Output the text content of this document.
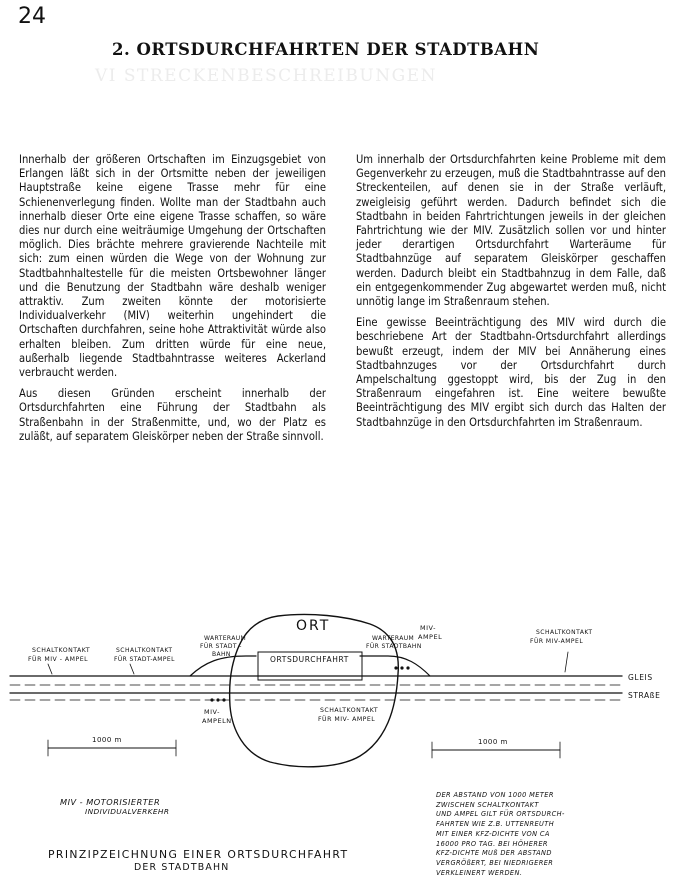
VI STRECKENBESCHREIBUNGEN
24
2. ORTSDURCHFAHRTEN DER STADTBAHN

Innerhalb der größeren Ortschaften im Einzugsgebiet von Erlangen läßt sich in der Ortsmitte neben der jeweiligen Hauptstraße keine eigene Trasse mehr für eine Schienenverlegung finden. Wollte man der Stadtbahn auch innerhalb dieser Orte eine eigene Trasse schaffen, so wäre dies nur durch eine weiträumige Umgehung der Ortschaften möglich. Dies brächte mehrere gravierende Nachteile mit sich: zum einen würden die Wege von der Wohnung zur Stadtbahnhaltestelle für die meisten Ortsbewohner länger und die Benutzung der Stadtbahn wäre deshalb weniger attraktiv. Zum zweiten könnte der motorisierte Individualverkehr (MIV) weiterhin ungehindert die Ortschaften durchfahren, seine hohe Attraktivität würde also erhalten bleiben. Zum dritten würde für eine neue, außerhalb liegende Stadtbahntrasse weiteres Ackerland verbraucht werden.

Aus diesen Gründen erscheint innerhalb der Ortsdurchfahrten eine Führung der Stadtbahn als Straßenbahn in der Straßenmitte, und, wo der Platz es zuläßt, auf separatem Gleiskörper neben der Straße sinnvoll.

Um innerhalb der Ortsdurchfahrten keine Probleme mit dem Gegenverkehr zu erzeugen, muß die Stadtbahntrasse auf den Streckenteilen, auf denen sie in der Straße verläuft, zweigleisig geführt werden. Dadurch befindet sich die Stadtbahn in beiden Fahrtrichtungen jeweils in der gleichen Fahrtrichtung wie der MIV. Zusätzlich sollen vor und hinter jeder derartigen Ortsdurchfahrt Warteräume für Stadtbahnzüge auf separatem Gleiskörper geschaffen werden. Dadurch bleibt ein Stadtbahnzug in dem Falle, daß ein entgegenkommender Zug abgewartet werden muß, nicht unnötig lange im Straßenraum stehen.

Eine gewisse Beeinträchtigung des MIV wird durch die beschriebene Art der Stadtbahn-Ortsdurchfahrt allerdings bewußt erzeugt, indem der MIV bei Annäherung eines Stadtbahnzuges vor der Ortsdurchfahrt durch Ampelschaltung ggestoppt wird, bis der Zug in den Straßenraum eingefahren ist. Eine weitere bewußte Beeinträchtigung des MIV ergibt sich durch das Halten der Stadtbahnzüge in den Ortsdurchfahrten im Straßenraum.

ORT
ORTSDURCHFAHRT
GLEIS
STRAßE
SCHALTKONTAKT
FÜR MIV - AMPEL
SCHALTKONTAKT
FÜR STADT-AMPEL
WARTERAUM
FÜR STADT -
BAHN
MIV-
AMPELN
SCHALTKONTAKT
FÜR MIV- AMPEL
WARTERAUM
FÜR STADTBAHN
MIV-
AMPEL
SCHALTKONTAKT
FÜR MIV-AMPEL
1000 m	1000 m
MIV - MOTORISIERTER
INDIVIDUALVERKEHR
DER ABSTAND VON 1000 METER
ZWISCHEN SCHALTKONTAKT
UND AMPEL GILT FÜR ORTSDURCH-
FAHRTEN WIE Z.B. UTTENREUTH
MIT EINER KFZ-DICHTE VON CA
16000 PRO TAG. BEI HÖHERER
KFZ-DICHTE MUß DER ABSTAND
VERGRÖßERT, BEI NIEDRIGERER
VERKLEINERT WERDEN.
PRINZIPZEICHNUNG EINER ORTSDURCHFAHRT
DER STADTBAHN
